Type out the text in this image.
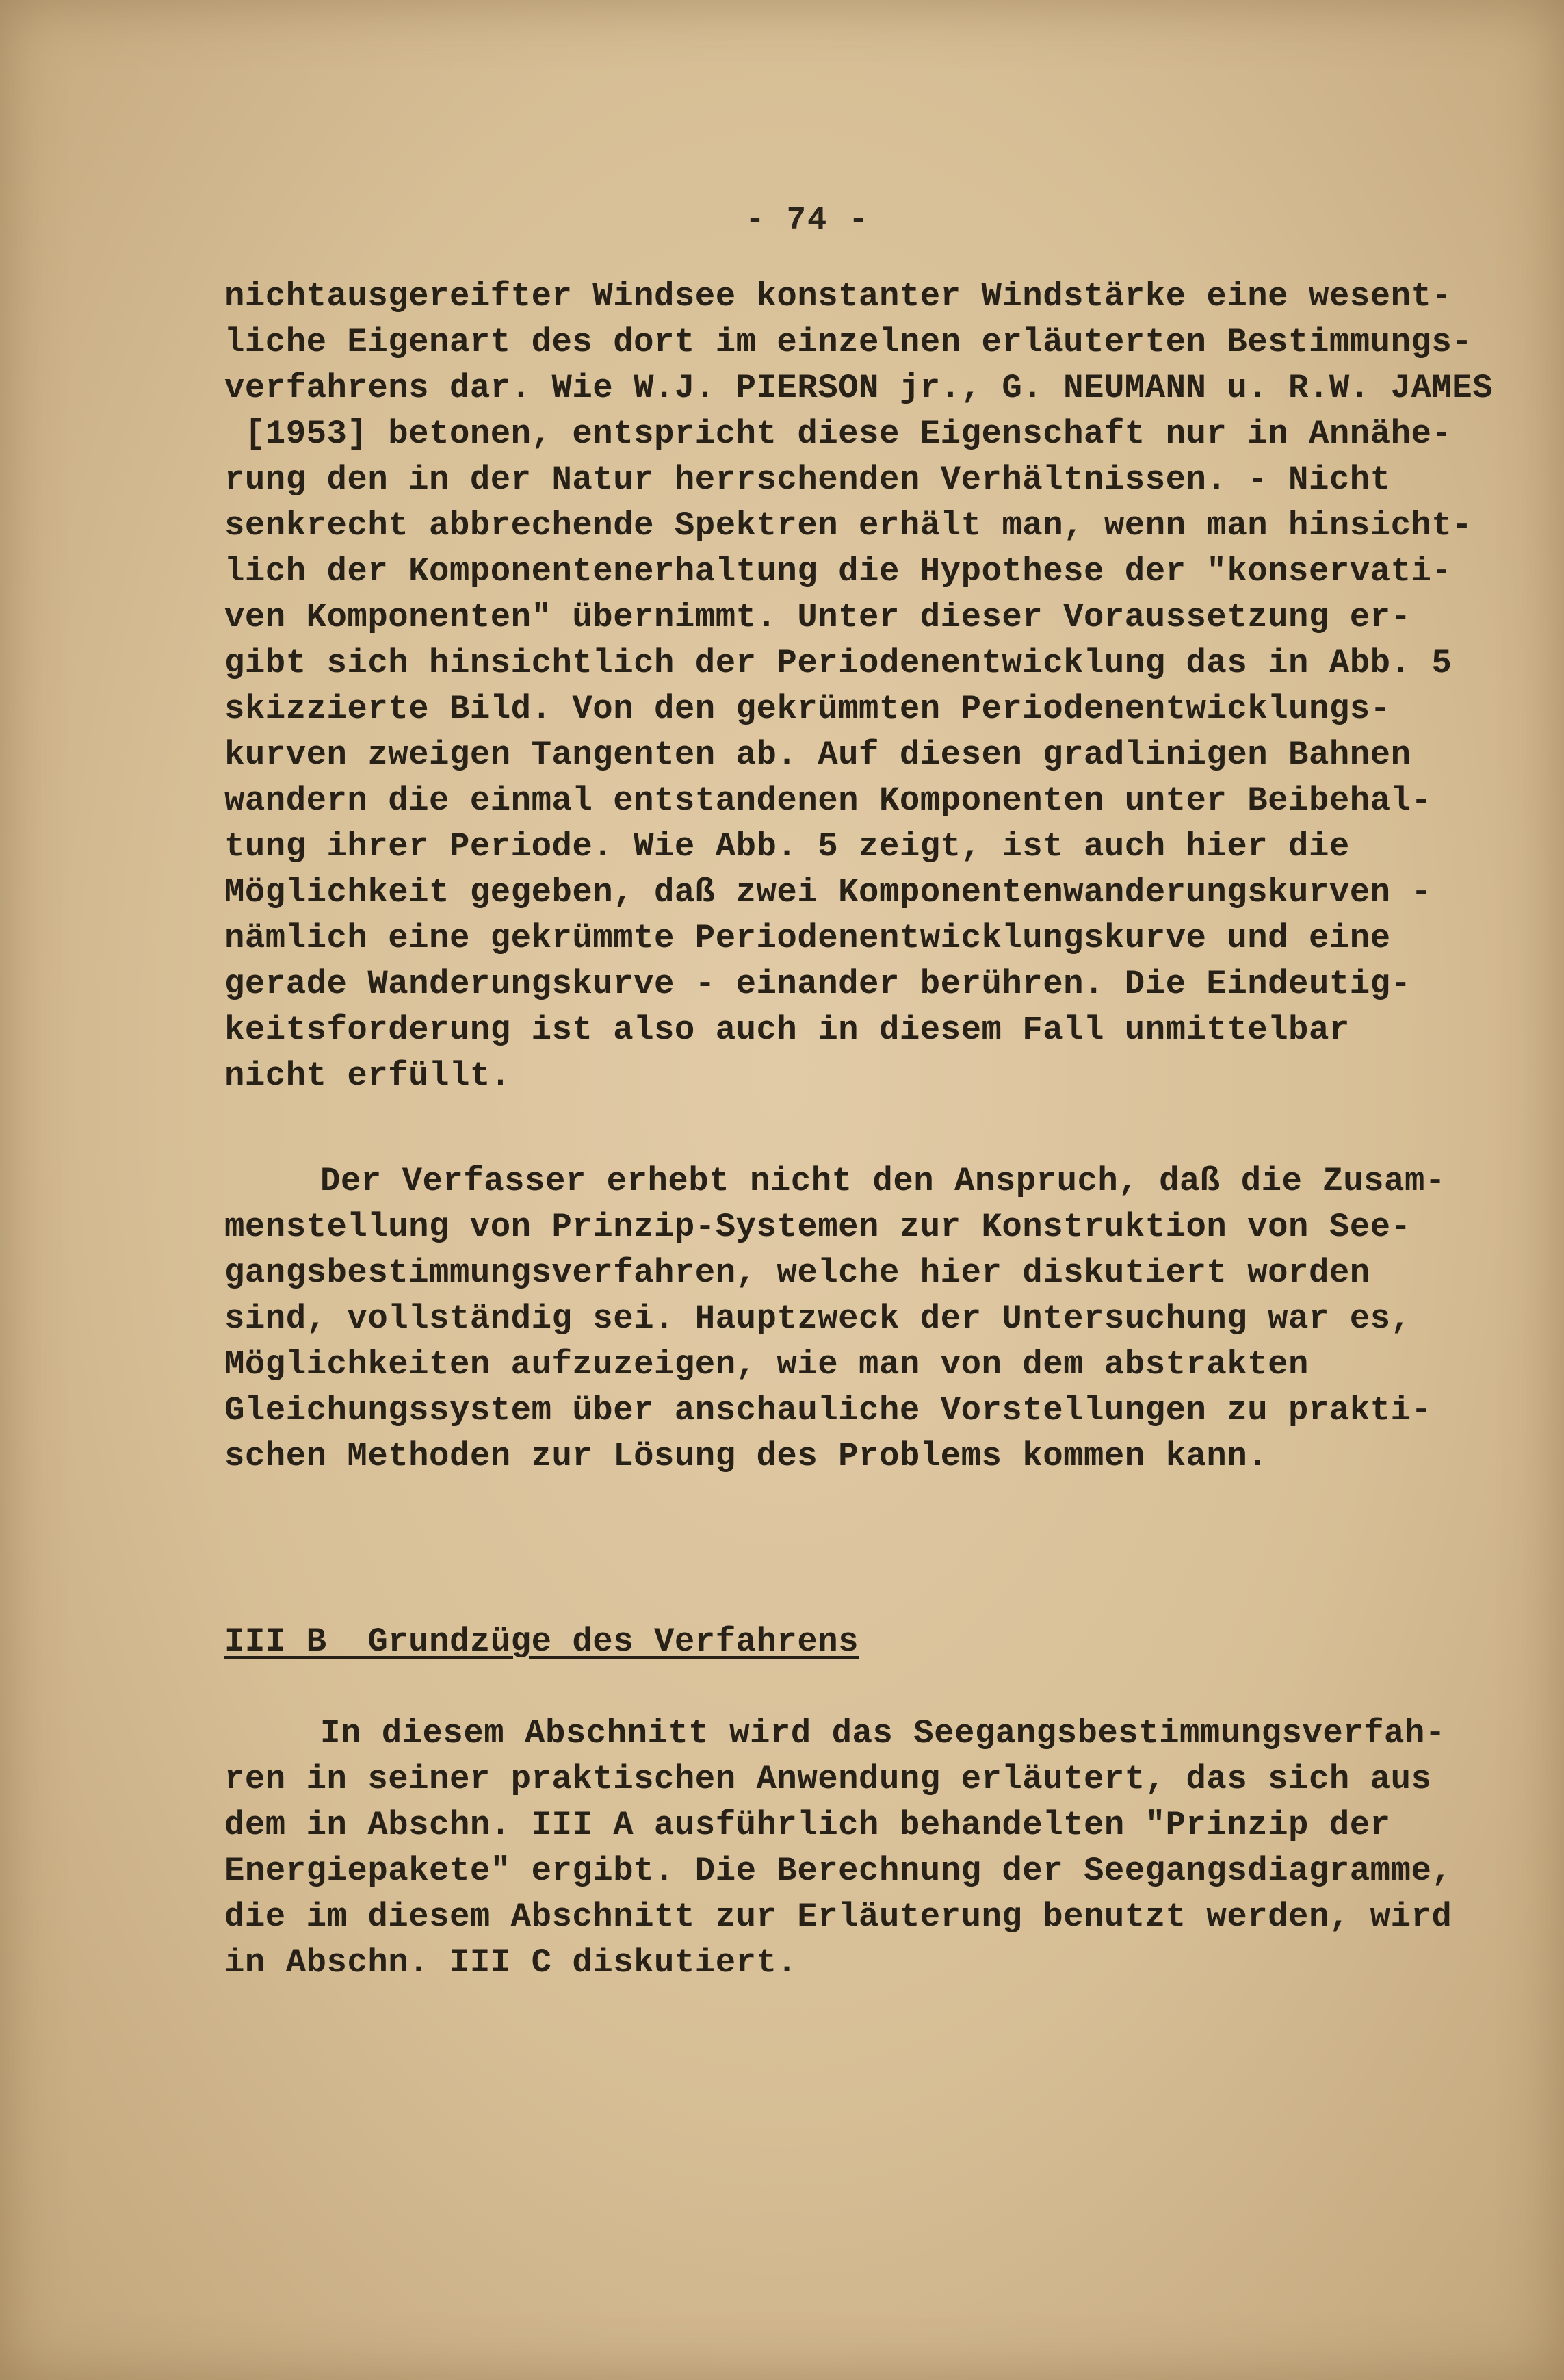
- 74 -
nichtausgereifter Windsee konstanter Windstärke eine wesent-
liche Eigenart des dort im einzelnen erläuterten Bestimmungs-
verfahrens dar. Wie W.J. PIERSON jr., G. NEUMANN u. R.W. JAMES
[1953] betonen, entspricht diese Eigenschaft nur in Annähe-
rung den in der Natur herrschenden Verhältnissen. - Nicht
senkrecht abbrechende Spektren erhält man, wenn man hinsicht-
lich der Komponentenerhaltung die Hypothese der "konservati-
ven Komponenten" übernimmt. Unter dieser Voraussetzung er-
gibt sich hinsichtlich der Periodenentwicklung das in Abb. 5
skizzierte Bild. Von den gekrümmten Periodenentwicklungs-
kurven zweigen Tangenten ab. Auf diesen gradlinigen Bahnen
wandern die einmal entstandenen Komponenten unter Beibehal-
tung ihrer Periode. Wie Abb. 5 zeigt, ist auch hier die
Möglichkeit gegeben, daß zwei Komponentenwanderungskurven -
nämlich eine gekrümmte Periodenentwicklungskurve und eine
gerade Wanderungskurve - einander berühren. Die Eindeutig-
keitsforderung ist also auch in diesem Fall unmittelbar
nicht erfüllt.
Der Verfasser erhebt nicht den Anspruch, daß die Zusam-
menstellung von Prinzip-Systemen zur Konstruktion von See-
gangsbestimmungsverfahren, welche hier diskutiert worden
sind, vollständig sei. Hauptzweck der Untersuchung war es,
Möglichkeiten aufzuzeigen, wie man von dem abstrakten
Gleichungssystem über anschauliche Vorstellungen zu prakti-
schen Methoden zur Lösung des Problems kommen kann.
III B  Grundzüge des Verfahrens
In diesem Abschnitt wird das Seegangsbestimmungsverfah-
ren in seiner praktischen Anwendung erläutert, das sich aus
dem in Abschn. III A ausführlich behandelten "Prinzip der
Energiepakete" ergibt. Die Berechnung der Seegangsdiagramme,
die im diesem Abschnitt zur Erläuterung benutzt werden, wird
in Abschn. III C diskutiert.
